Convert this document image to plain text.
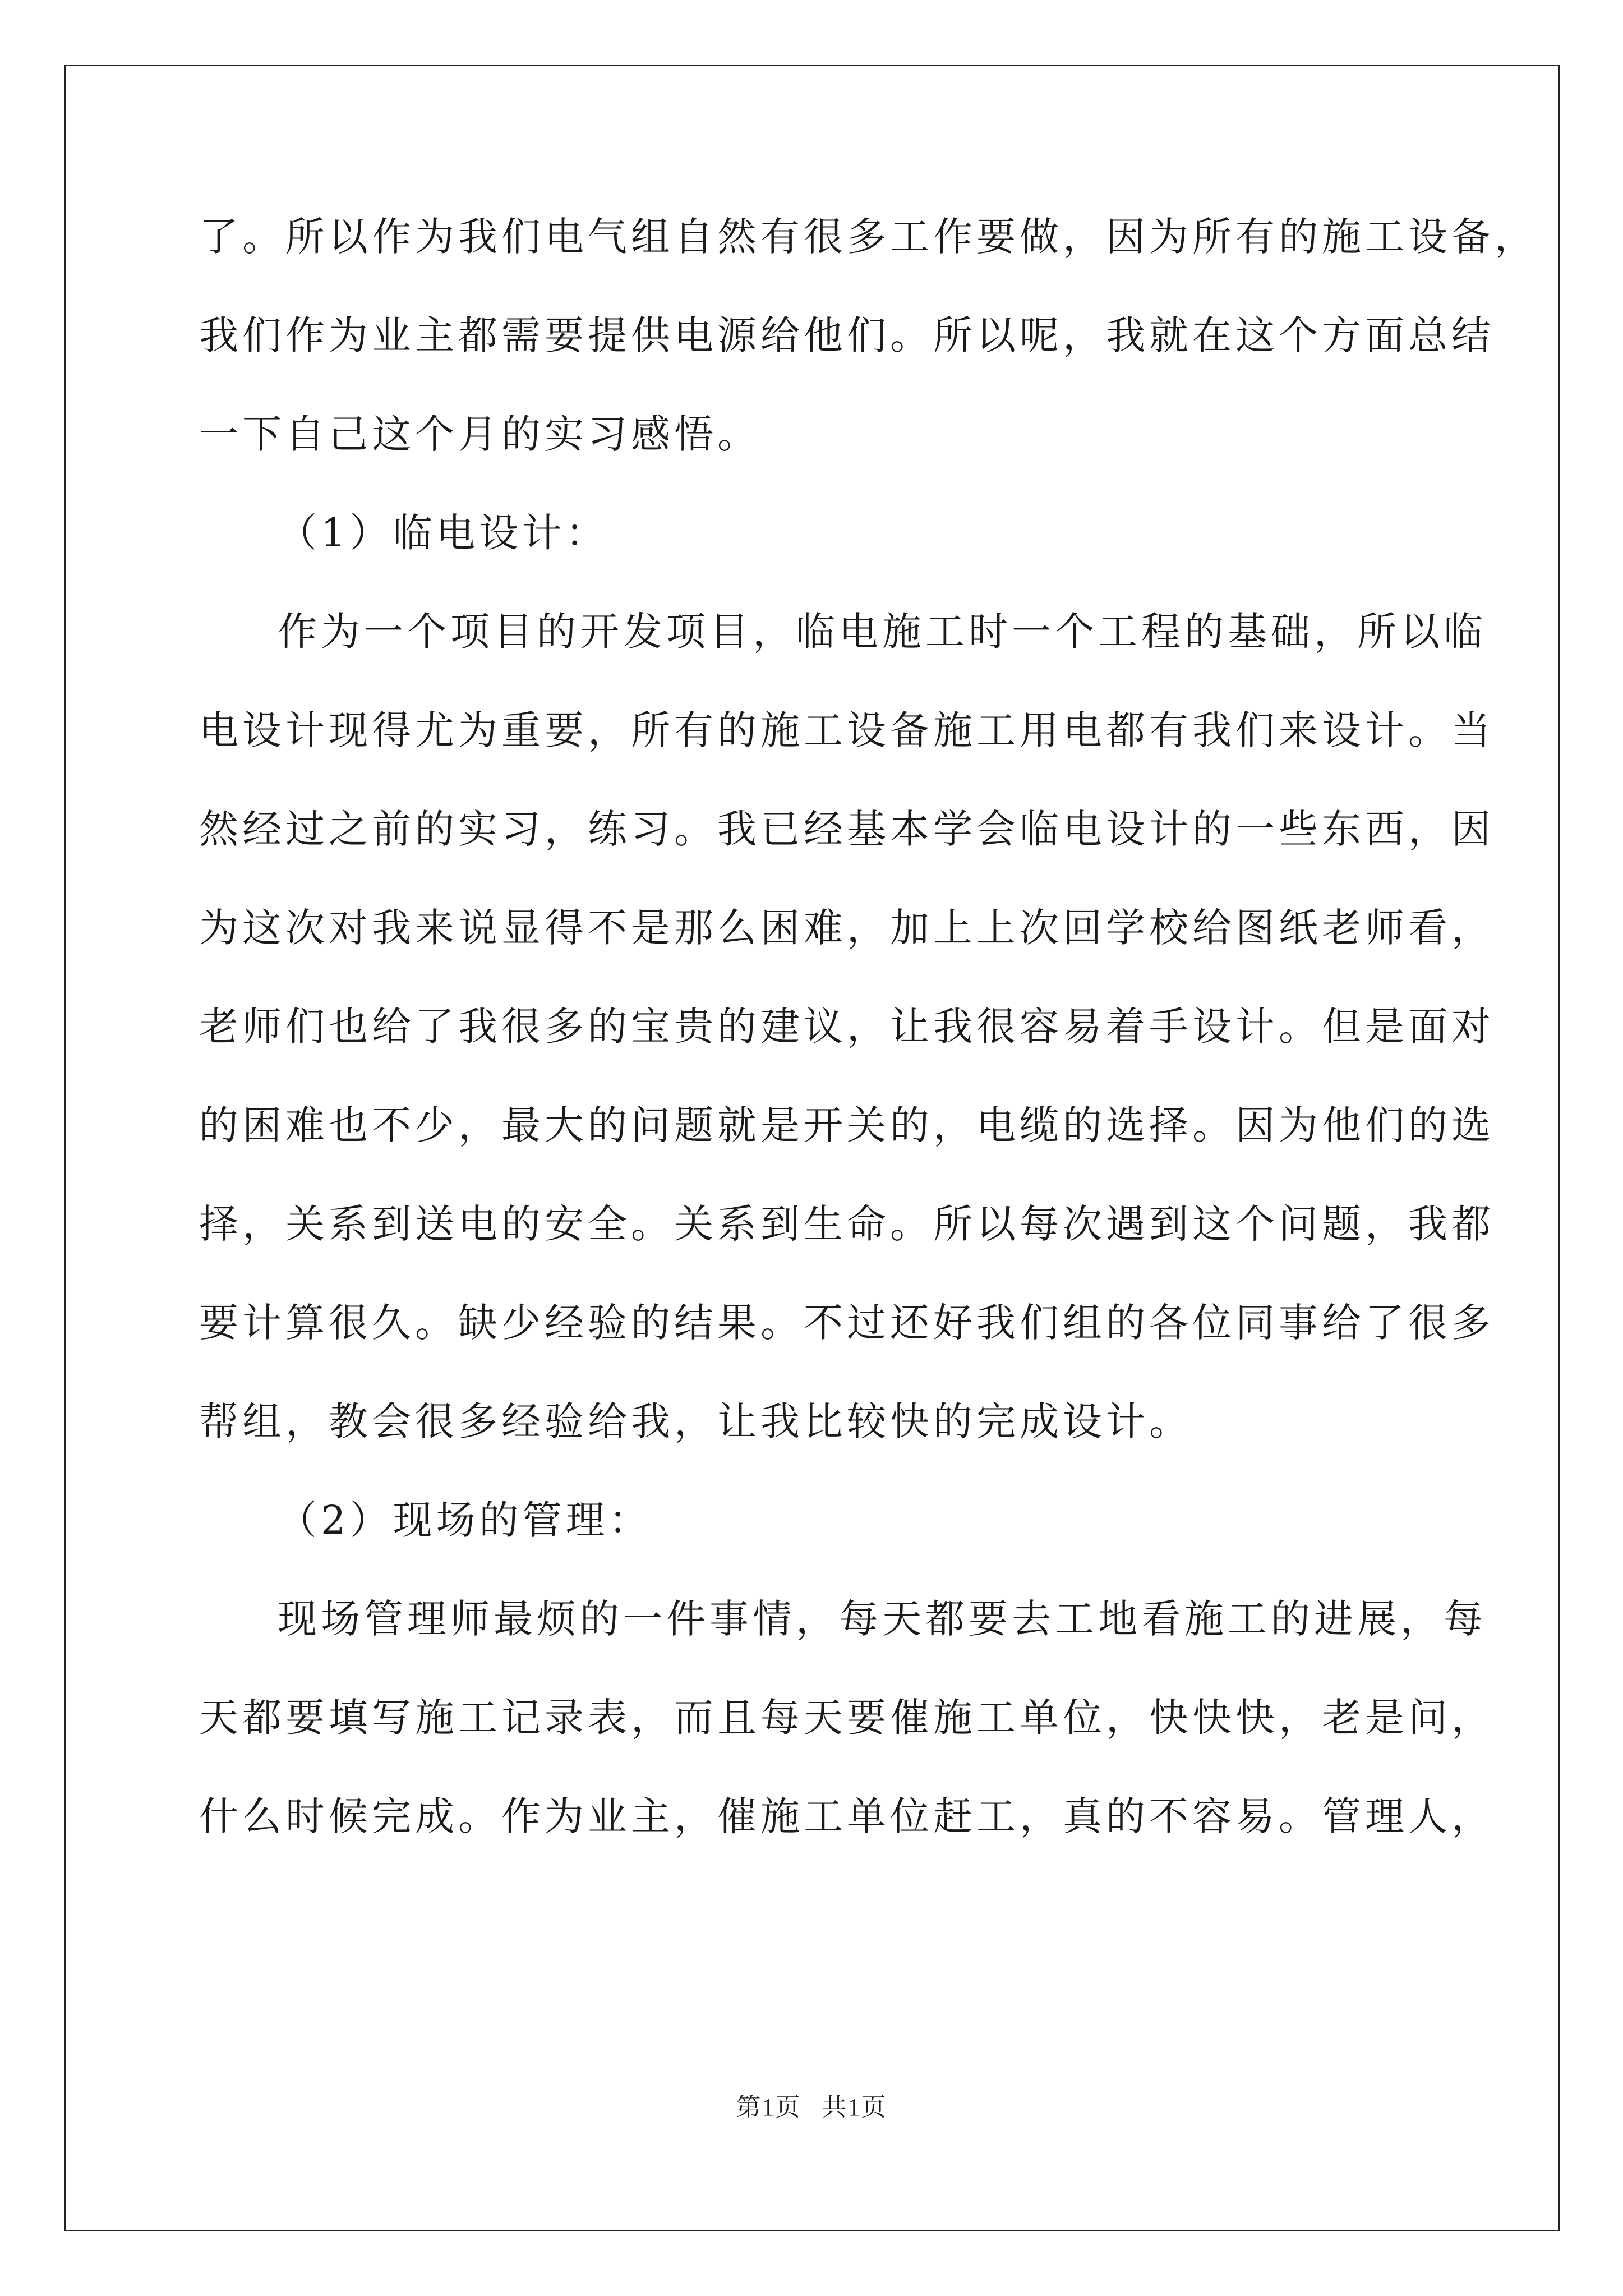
了。所以作为我们电气组自然有很多工作要做，因为所有的施工设备，
我们作为业主都需要提供电源给他们。所以呢，我就在这个方面总结
一下自己这个月的实习感悟。
（1）临电设计：
作为一个项目的开发项目，临电施工时一个工程的基础，所以临
电设计现得尤为重要，所有的施工设备施工用电都有我们来设计。当
然经过之前的实习，练习。我已经基本学会临电设计的一些东西，因
为这次对我来说显得不是那么困难，加上上次回学校给图纸老师看，
老师们也给了我很多的宝贵的建议，让我很容易着手设计。但是面对
的困难也不少，最大的问题就是开关的，电缆的选择。因为他们的选
择，关系到送电的安全。关系到生命。所以每次遇到这个问题，我都
要计算很久。缺少经验的结果。不过还好我们组的各位同事给了很多
帮组，教会很多经验给我，让我比较快的完成设计。
（2）现场的管理：
现场管理师最烦的一件事情，每天都要去工地看施工的进展，每
天都要填写施工记录表，而且每天要催施工单位，快快快，老是问，
什么时候完成。作为业主，催施工单位赶工，真的不容易。管理人，
第1页 共1页
